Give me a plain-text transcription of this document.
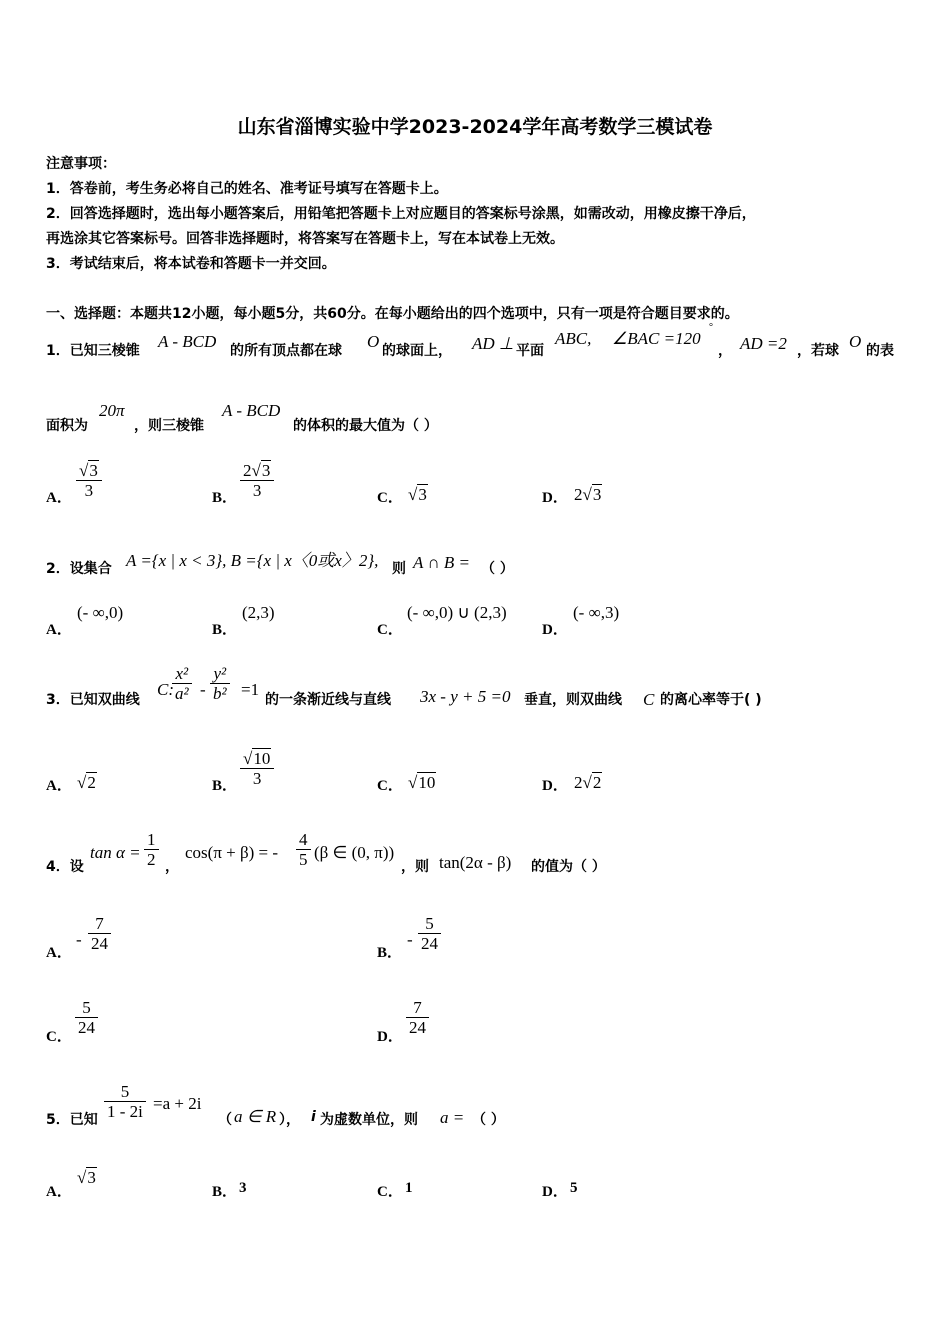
山东省淄博实验中学2023-2024学年高考数学三模试卷
注意事项：
1．答卷前，考生务必将自己的姓名、准考证号填写在答题卡上。
2．回答选择题时，选出每小题答案后，用铅笔把答题卡上对应题目的答案标号涂黑，如需改动，用橡皮擦干净后，
再选涂其它答案标号。回答非选择题时，将答案写在答题卡上，写在本试卷上无效。
3．考试结束后，将本试卷和答题卡一并交回。
一、选择题：本题共12小题，每小题5分，共60分。在每小题给出的四个选项中，只有一项是符合题目要求的。
1．已知三棱锥 A - BCD 的所有顶点都在球 O 的球面上， AD ⊥ 平面
ABC, ∠BAC =120
°
， AD =2 ，若球 O 的表
面积为
20π
，则三棱锥
A - BCD
的体积的最大值为（ ）
A．
√3
3	B．
2√3
3	C． √3	D． 2√3
2．设集合 A ={x | x < 3}, B ={x | x〈0或x〉2}, 则 A ∩ B = （ ）
A．
(- ∞,0)
B．
(2,3)
C．
(- ∞,0) ∪ (2,3)
D．
(- ∞,3)
3．已知双曲线
C:
x²
a² -
y²
b² =1
的一条渐近线与直线 3x - y + 5 =0 垂直，则双曲线 C 的离心率等于( )
A． √2	B．
√10
3	C． √10	D． 2√2
4．设
tan α =
1
2 ，
cos(π + β) = -
4
5 (β ∈ (0, π))
，则 tan(2α - β) 的值为（ ）
A．
-
7
24	B．
-
5
24
C．
5
24	D．
7
24
5．已知
5
1 - 2i =a + 2i
（ a ∈ R ）， i 为虚数单位，则 a = （ ）
A．
√3
B． 3	C． 1	D． 5
